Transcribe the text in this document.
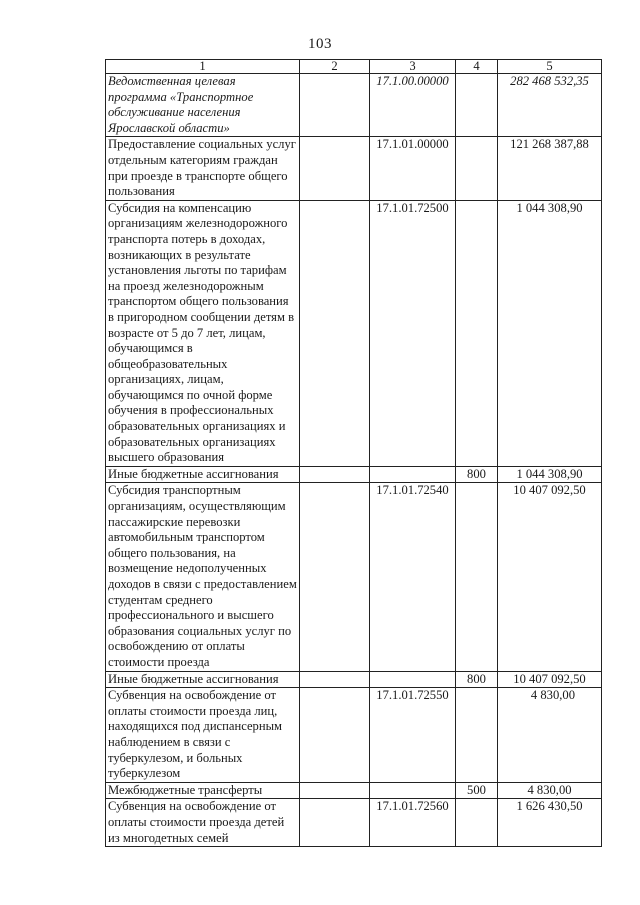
103
1	2	3	4	5
Ведомственная целевая программа «Транспортное обслуживание населения Ярославской области»		17.1.00.00000		282 468 532,35
Предоставление социальных услуг отдельным категориям граждан при проезде в транспорте общего пользования		17.1.01.00000		121 268 387,88
Субсидия на компенсацию организациям железнодорожного транспорта потерь в доходах, возникающих в результате установления льготы по тарифам на проезд железнодорожным транспортом общего пользования в пригородном сообщении детям в возрасте от 5 до 7 лет, лицам, обучающимся в общеобразовательных организациях, лицам, обучающимся по очной форме обучения в профессиональных образовательных организациях и образовательных организациях высшего образования		17.1.01.72500		1 044 308,90
Иные бюджетные ассигнования			800	1 044 308,90
Субсидия транспортным организациям, осуществляющим пассажирские перевозки автомобильным транспортом общего пользования, на возмещение недополученных доходов в связи с предоставлением студентам среднего профессионального и высшего образования социальных услуг по освобождению от оплаты стоимости проезда		17.1.01.72540		10 407 092,50
Иные бюджетные ассигнования			800	10 407 092,50
Субвенция на освобождение от оплаты стоимости проезда лиц, находящихся под диспансерным наблюдением в связи с туберкулезом, и больных туберкулезом		17.1.01.72550		4 830,00
Межбюджетные трансферты			500	4 830,00
Субвенция на освобождение от оплаты стоимости проезда детей из многодетных семей		17.1.01.72560		1 626 430,50
